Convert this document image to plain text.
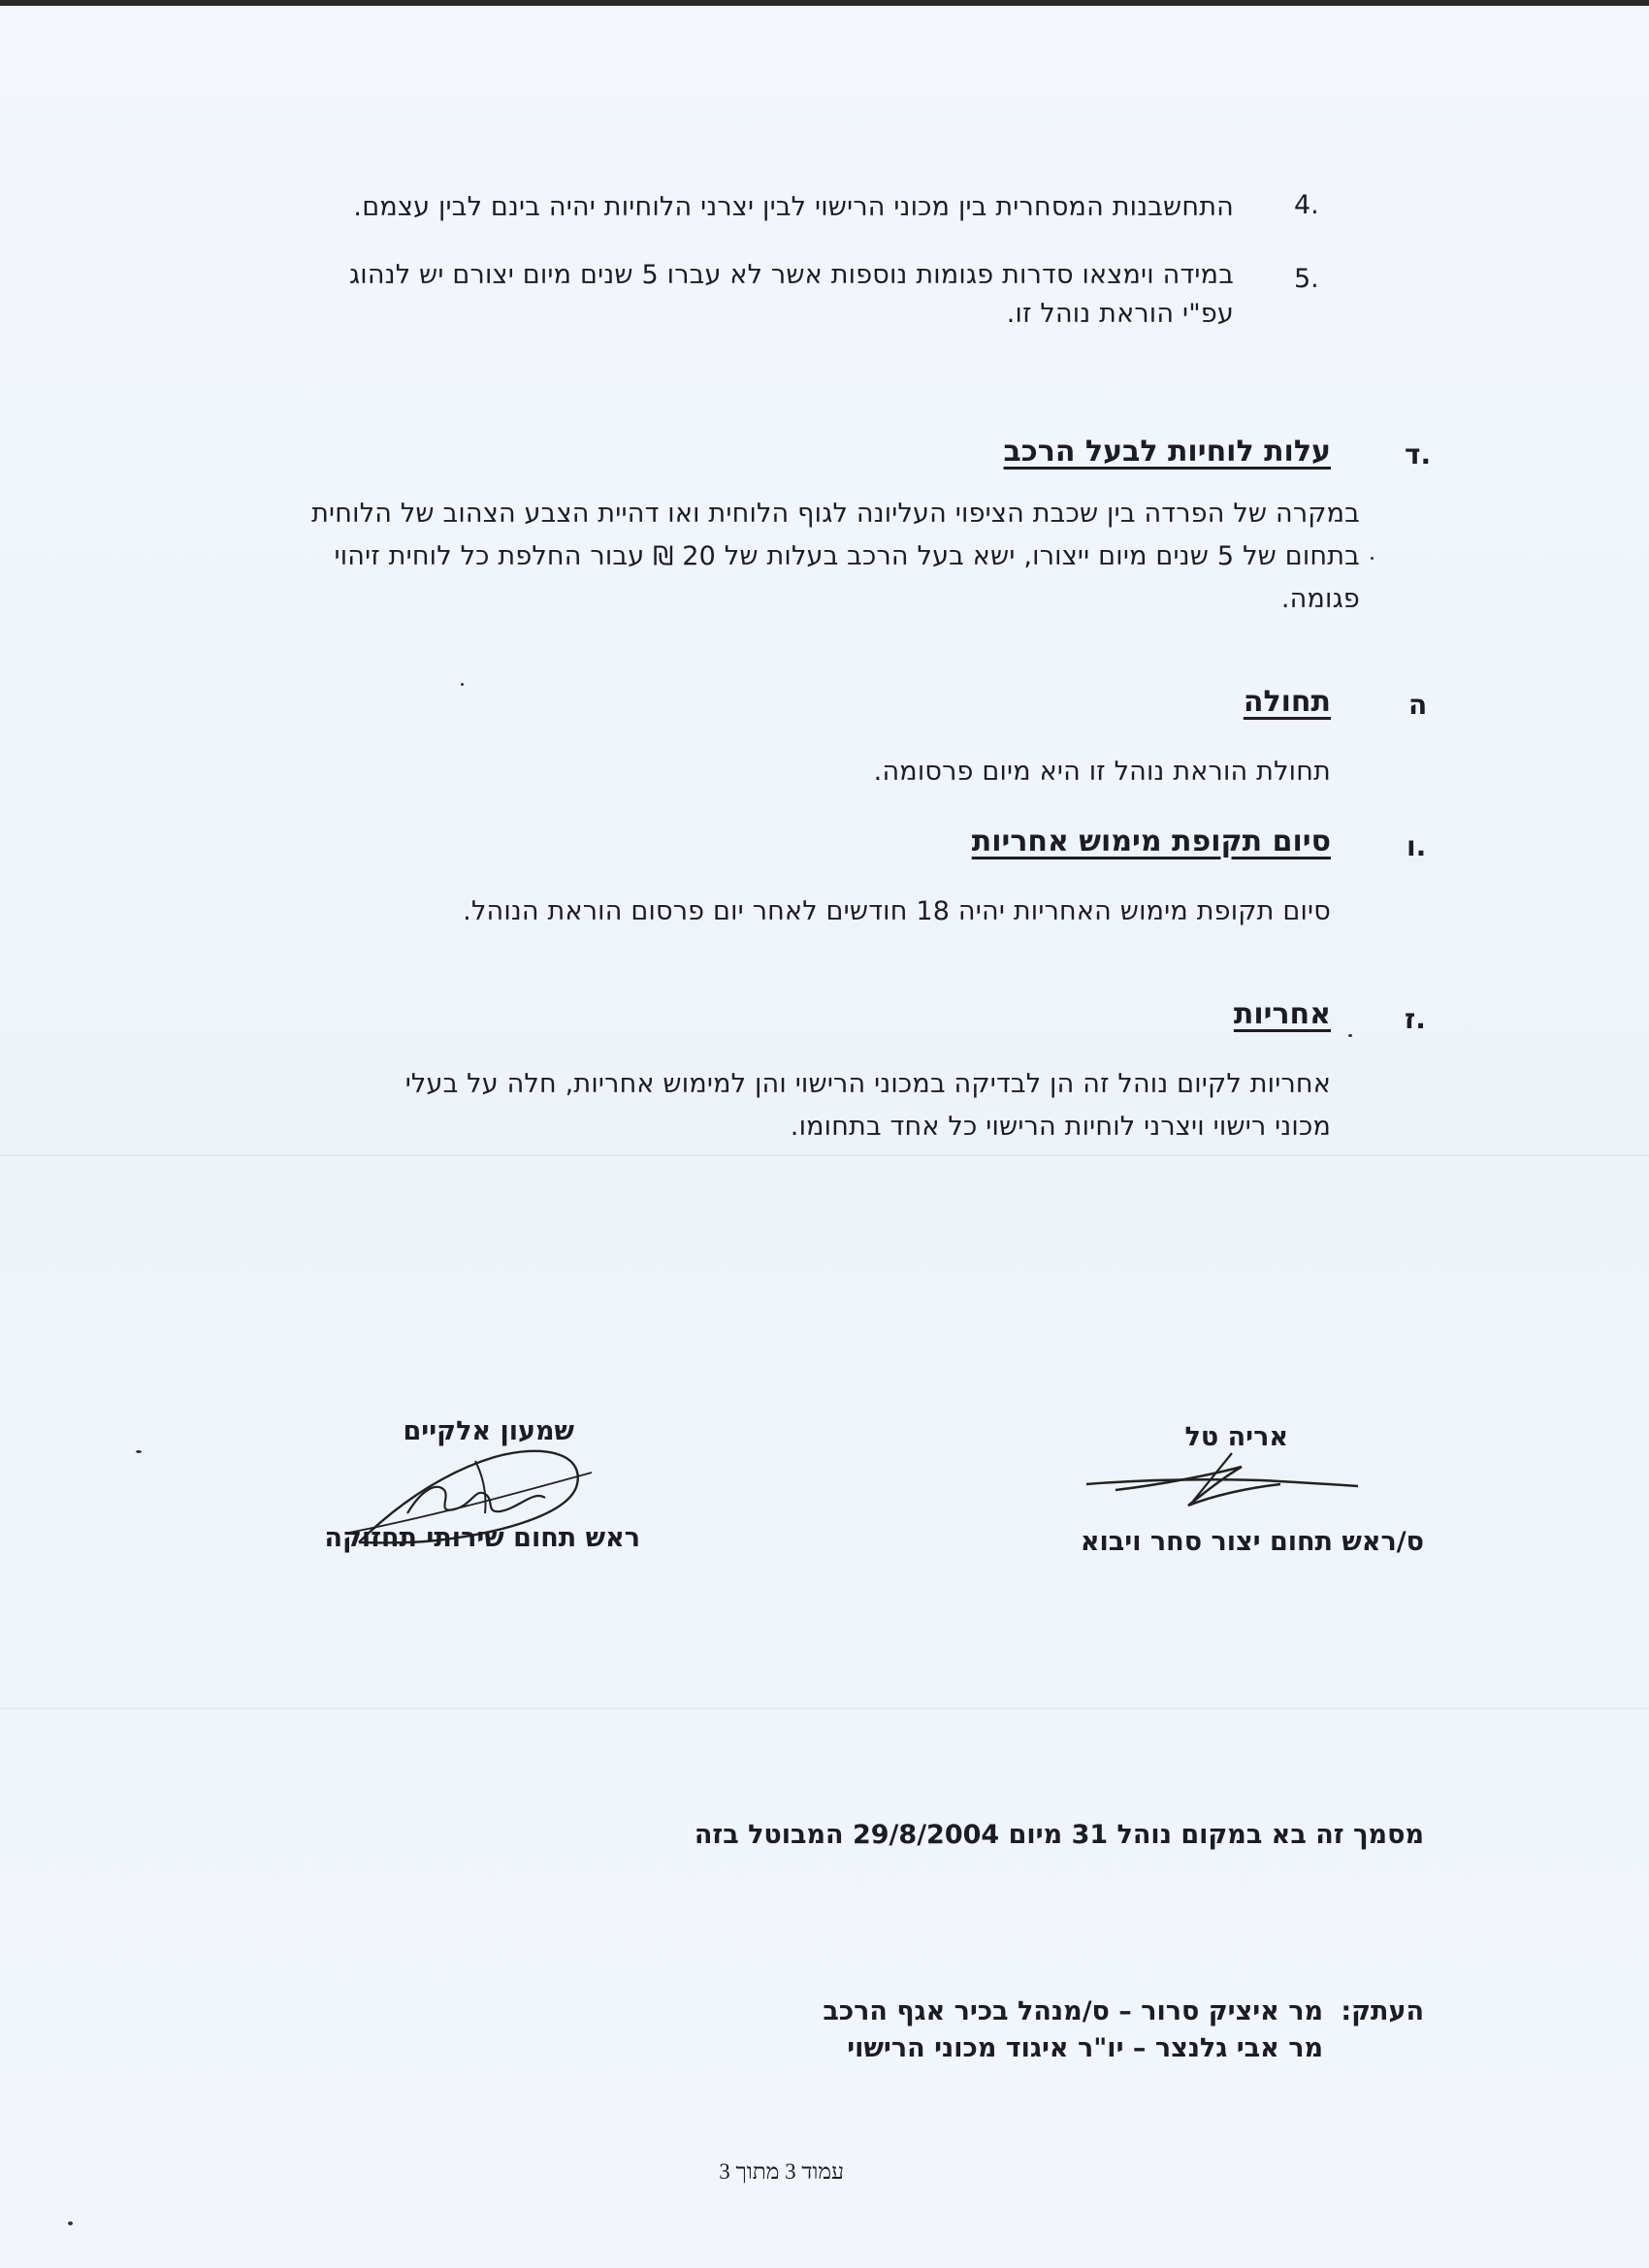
4.
התחשבנות המסחרית בין מכוני הרישוי לבין יצרני הלוחיות יהיה בינם לבין עצמם.
5.
במידה וימצאו סדרות פגומות נוספות אשר לא עברו 5 שנים מיום יצורם יש לנהוג
עפ"י הוראת נוהל זו.
ד.
עלות לוחיות לבעל הרכב
במקרה של הפרדה בין שכבת הציפוי העליונה לגוף הלוחית ואו דהיית הצבע הצהוב של הלוחית
בתחום של 5 שנים מיום ייצורו, ישא בעל הרכב בעלות של 20 ₪ עבור החלפת כל לוחית זיהוי
פגומה.
ה
תחולה
תחולת הוראת נוהל זו היא מיום פרסומה.
ו.
סיום תקופת מימוש אחריות
סיום תקופת מימוש האחריות יהיה 18 חודשים לאחר יום פרסום הוראת הנוהל.
ז.
אחריות
אחריות לקיום נוהל זה הן לבדיקה במכוני הרישוי והן למימוש אחריות, חלה על בעלי
מכוני רישוי ויצרני לוחיות הרישוי כל אחד בתחומו.
אריה טל
ס/ראש תחום יצור סחר ויבוא
שמעון אלקיים
ראש תחום שירותי תחזוקה
מסמך זה בא במקום נוהל 31 מיום 29/8/2004 המבוטל בזה
העתק:
מר איציק סרור – ס/מנהל בכיר אגף הרכב
מר אבי גלנצר – יו"ר איגוד מכוני הרישוי
עמוד 3 מתוך 3
